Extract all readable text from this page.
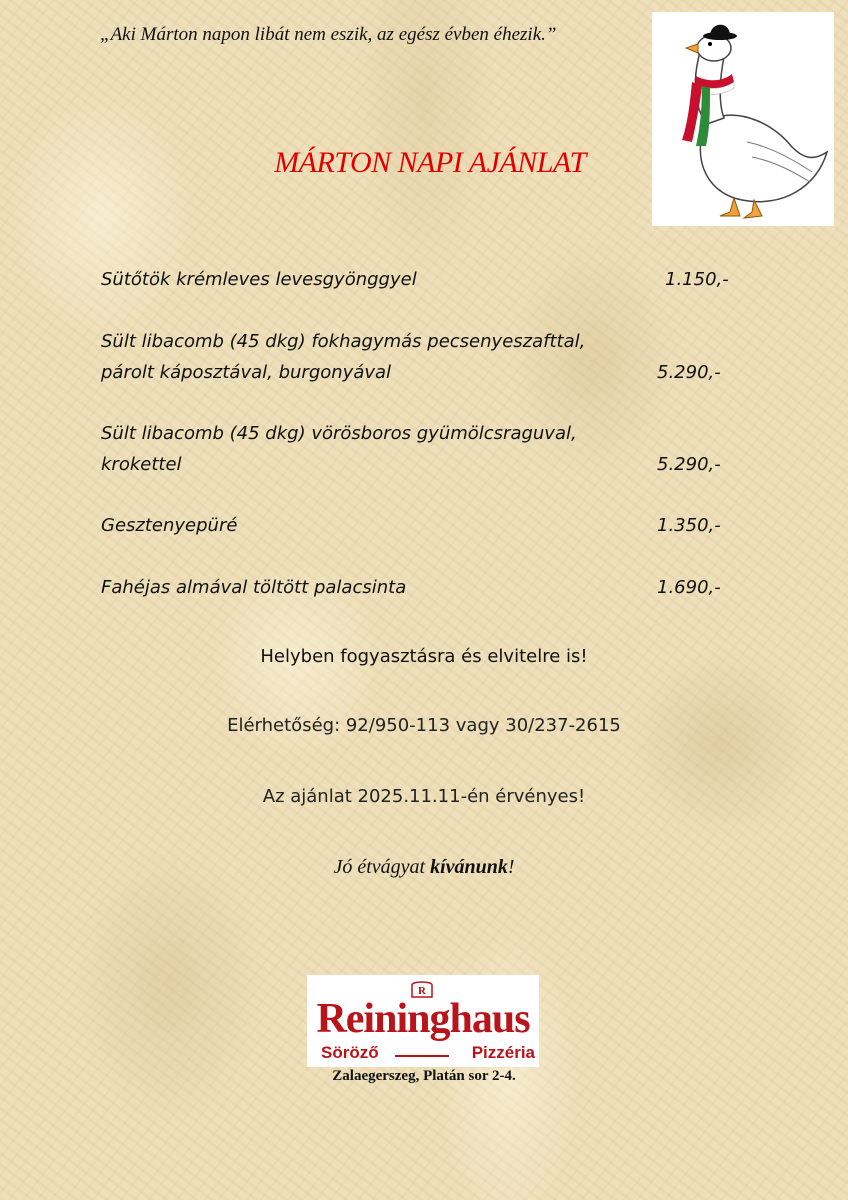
„Aki Márton napon libát nem eszik, az egész évben éhezik.”
MÁRTON NAPI AJÁNLAT
Sütőtök krémleves levesgyönggyel	1.150,-
Sült libacomb (45 dkg) fokhagymás pecsenyeszafttal,
párolt káposztával, burgonyával	5.290,-
Sült libacomb (45 dkg) vörösboros gyümölcsraguval,
krokettel	5.290,-
Gesztenyepüré	1.350,-
Fahéjas almával töltött palacsinta	1.690,-
Helyben fogyasztásra és elvitelre is!
Elérhetőség: 92/950-113 vagy 30/237-2615
Az ajánlat 2025.11.11-én érvényes!
Jó étvágyat kívánunk!
R
Reininghaus
Söröző	Pizzéria
Zalaegerszeg, Platán sor 2-4.
